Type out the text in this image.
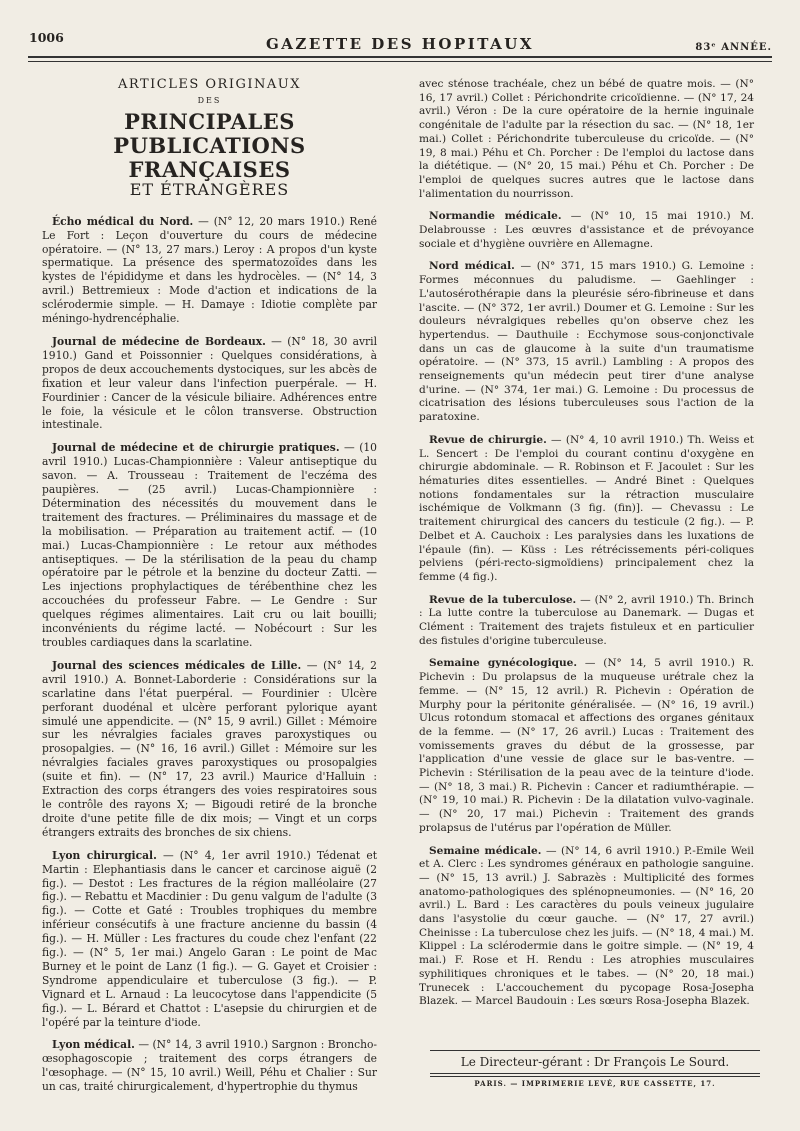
1006	GAZETTE DES HOPITAUX	83ᵉ ANNÉE.
ARTICLES ORIGINAUX
DES
PRINCIPALES PUBLICATIONS FRANÇAISES
ET ÉTRANGÈRES

Écho médical du Nord. — (N° 12, 20 mars 1910.) René Le Fort : Leçon d'ouverture du cours de médecine opératoire. — (N° 13, 27 mars.) Leroy : A propos d'un kyste spermatique. La présence des spermatozoïdes dans les kystes de l'épididyme et dans les hydrocèles. — (N° 14, 3 avril.) Bettremieux : Mode d'action et indications de la sclérodermie simple. — H. Damaye : Idiotie complète par méningo-hydrencéphalie.

Journal de médecine de Bordeaux. — (N° 18, 30 avril 1910.) Gand et Poissonnier : Quelques considérations, à propos de deux accouchements dystociques, sur les abcès de fixation et leur valeur dans l'infection puerpérale. — H. Fourdinier : Cancer de la vésicule biliaire. Adhérences entre le foie, la vésicule et le côlon transverse. Obstruction intestinale.

Journal de médecine et de chirurgie pratiques. — (10 avril 1910.) Lucas-Championnière : Valeur antiseptique du savon. — A. Trousseau : Traitement de l'eczéma des paupières. — (25 avril.) Lucas-Championnière : Détermination des nécessités du mouvement dans le traitement des fractures. — Préliminaires du massage et de la mobilisation. — Préparation au traitement actif. — (10 mai.) Lucas-Championnière : Le retour aux méthodes antiseptiques. — De la stérilisation de la peau du champ opératoire par le pétrole et la benzine du docteur Zatti. — Les injections prophylactiques de térébenthine chez les accouchées du professeur Fabre. — Le Gendre : Sur quelques régimes alimentaires. Lait cru ou lait bouilli; inconvénients du régime lacté. — Nobécourt : Sur les troubles cardiaques dans la scarlatine.

Journal des sciences médicales de Lille. — (N° 14, 2 avril 1910.) A. Bonnet-Laborderie : Considérations sur la scarlatine dans l'état puerpéral. — Fourdinier : Ulcère perforant duodénal et ulcère perforant pylorique ayant simulé une appendicite. — (N° 15, 9 avril.) Gillet : Mémoire sur les névralgies faciales graves paroxystiques ou prosopalgies. — (N° 16, 16 avril.) Gillet : Mémoire sur les névralgies faciales graves paroxystiques ou prosopalgies (suite et fin). — (N° 17, 23 avril.) Maurice d'Halluin : Extraction des corps étrangers des voies respiratoires sous le contrôle des rayons X; — Bigoudi retiré de la bronche droite d'une petite fille de dix mois; — Vingt et un corps étrangers extraits des bronches de six chiens.

Lyon chirurgical. — (N° 4, 1er avril 1910.) Tédenat et Martin : Elephantiasis dans le cancer et carcinose aiguë (2 fig.). — Destot : Les fractures de la région malléolaire (27 fig.). — Rebattu et Macdinier : Du genu valgum de l'adulte (3 fig.). — Cotte et Gaté : Troubles trophiques du membre inférieur consécutifs à une fracture ancienne du bassin (4 fig.). — H. Müller : Les fractures du coude chez l'enfant (22 fig.). — (N° 5, 1er mai.) Angelo Garan : Le point de Mac Burney et le point de Lanz (1 fig.). — G. Gayet et Croisier : Syndrome appendiculaire et tuberculose (3 fig.). — P. Vignard et L. Arnaud : La leucocytose dans l'appendicite (5 fig.). — L. Bérard et Chattot : L'asepsie du chirurgien et de l'opéré par la teinture d'iode.

Lyon médical. — (N° 14, 3 avril 1910.) Sargnon : Broncho-œsophagoscopie ; traitement des corps étrangers de l'œsophage. — (N° 15, 10 avril.) Weill, Péhu et Chalier : Sur un cas, traité chirurgicalement, d'hypertrophie du thymus

avec sténose trachéale, chez un bébé de quatre mois. — (N° 16, 17 avril.) Collet : Périchondrite cricoïdienne. — (N° 17, 24 avril.) Véron : De la cure opératoire de la hernie inguinale congénitale de l'adulte par la résection du sac. — (N° 18, 1er mai.) Collet : Périchondrite tuberculeuse du cricoïde. — (N° 19, 8 mai.) Péhu et Ch. Porcher : De l'emploi du lactose dans la diététique. — (N° 20, 15 mai.) Péhu et Ch. Porcher : De l'emploi de quelques sucres autres que le lactose dans l'alimentation du nourrisson.

Normandie médicale. — (N° 10, 15 mai 1910.) M. Delabrousse : Les œuvres d'assistance et de prévoyance sociale et d'hygiène ouvrière en Allemagne.

Nord médical. — (N° 371, 15 mars 1910.) G. Lemoine : Formes méconnues du paludisme. — Gaehlinger : L'autosérothérapie dans la pleurésie séro-fibrineuse et dans l'ascite. — (N° 372, 1er avril.) Doumer et G. Lemoine : Sur les douleurs névralgiques rebelles qu'on observe chez les hypertendus. — Dauthuile : Ecchymose sous-conjonctivale dans un cas de glaucome à la suite d'un traumatisme opératoire. — (N° 373, 15 avril.) Lambling : A propos des renseignements qu'un médecin peut tirer d'une analyse d'urine. — (N° 374, 1er mai.) G. Lemoine : Du processus de cicatrisation des lésions tuberculeuses sous l'action de la paratoxine.

Revue de chirurgie. — (N° 4, 10 avril 1910.) Th. Weiss et L. Sencert : De l'emploi du courant continu d'oxygène en chirurgie abdominale. — R. Robinson et F. Jacoulet : Sur les hématuries dites essentielles. — André Binet : Quelques notions fondamentales sur la rétraction musculaire ischémique de Volkmann (3 fig. (fin)]. — Chevassu : Le traitement chirurgical des cancers du testicule (2 fig.). — P. Delbet et A. Cauchoix : Les paralysies dans les luxations de l'épaule (fin). — Küss : Les rétrécissements péri-coliques pelviens (péri-recto-sigmoïdiens) principalement chez la femme (4 fig.).

Revue de la tuberculose. — (N° 2, avril 1910.) Th. Brinch : La lutte contre la tuberculose au Danemark. — Dugas et Clément : Traitement des trajets fistuleux et en particulier des fistules d'origine tuberculeuse.

Semaine gynécologique. — (N° 14, 5 avril 1910.) R. Pichevin : Du prolapsus de la muqueuse urétrale chez la femme. — (N° 15, 12 avril.) R. Pichevin : Opération de Murphy pour la péritonite généralisée. — (N° 16, 19 avril.) Ulcus rotondum stomacal et affections des organes génitaux de la femme. — (N° 17, 26 avril.) Lucas : Traitement des vomissements graves du début de la grossesse, par l'application d'une vessie de glace sur le bas-ventre. — Pichevin : Stérilisation de la peau avec de la teinture d'iode. — (N° 18, 3 mai.) R. Pichevin : Cancer et radiumthérapie. — (N° 19, 10 mai.) R. Pichevin : De la dilatation vulvo-vaginale. — (N° 20, 17 mai.) Pichevin : Traitement des grands prolapsus de l'utérus par l'opération de Müller.

Semaine médicale. — (N° 14, 6 avril 1910.) P.-Emile Weil et A. Clerc : Les syndromes généraux en pathologie sanguine. — (N° 15, 13 avril.) J. Sabrazès : Multiplicité des formes anatomo-pathologiques des splénopneumonies. — (N° 16, 20 avril.) L. Bard : Les caractères du pouls veineux jugulaire dans l'asystolie du cœur gauche. — (N° 17, 27 avril.) Cheinisse : La tuberculose chez les juifs. — (N° 18, 4 mai.) M. Klippel : La sclérodermie dans le goitre simple. — (N° 19, 4 mai.) F. Rose et H. Rendu : Les atrophies musculaires syphilitiques chroniques et le tabes. — (N° 20, 18 mai.) Trunecek : L'accouchement du pycopage Rosa-Josepha Blazek. — Marcel Baudouin : Les sœurs Rosa-Josepha Blazek.

Le Directeur-gérant : Dr François Le Sourd.
PARIS. — IMPRIMERIE LEVÉ, RUE CASSETTE, 17.
